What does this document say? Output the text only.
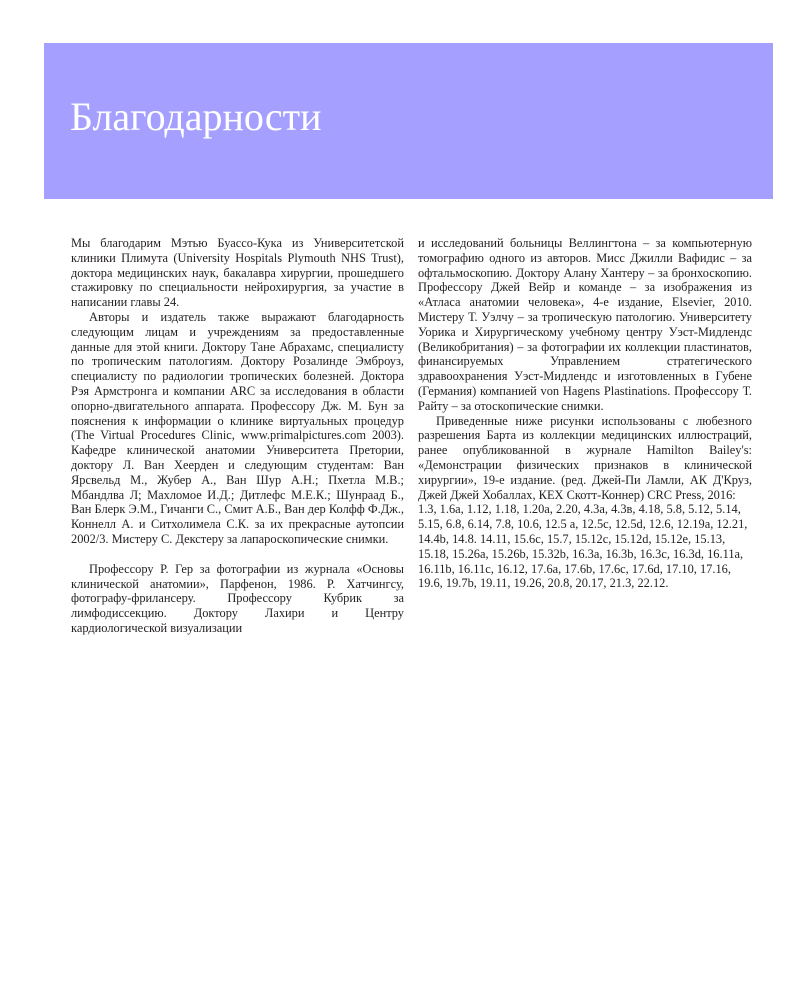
Благодарности

Мы благодарим Мэтью Буассо-Кука из Университетской клиники Плимута (University Hospitals Plymouth NHS Trust), доктора медицинских наук, бакалавра хирургии, прошедшего стажировку по специальности нейрохирургия, за участие в написании главы 24.

Авторы и издатель также выражают благодарность следующим лицам и учреждениям за предоставленные данные для этой книги. Доктору Тане Абрахамс, специалисту по тропическим патологиям. Доктору Розалинде Эмброуз, специалисту по радиологии тропических болезней. Доктора Рэя Армстронга и компании ARC за исследования в области опорно-двигательного аппарата. Профессору Дж. М. Бун за пояснения к информации о клинике виртуальных процедур (The Virtual Procedures Clinic, www.primalpictures.com 2003). Кафедре клинической анатомии Университета Претории, доктору Л. Ван Хеерден и следующим студентам: Ван Ярсвельд М., Жубер А., Ван Шур А.Н.; Пхетла М.В.; Мбандлва Л; Махломое И.Д.; Дитлефс М.Е.К.; Шунраад Б., Ван Блерк Э.М., Гичанги С., Смит А.Б., Ван дер Колфф Ф.Дж., Коннелл А. и Ситхолимела С.К. за их прекрасные аутопсии 2002/3. Мистеру С. Декстеру за лапароскопические снимки.

Профессору Р. Гер за фотографии из журнала «Основы клинической анатомии», Парфенон, 1986. Р. Хатчингсу, фотографу-фрилансеру. Профессору Кубрик за лимфодиссекцию. Доктору Лахири и Центру кардиологической визуализации

и исследований больницы Веллингтона – за компьютерную томографию одного из авторов. Мисс Джилли Вафидис – за офтальмоскопию. Доктору Алану Хантеру – за бронхоскопию. Профессору Джей Вейр и команде – за изображения из «Атласа анатомии человека», 4-е издание, Elsevier, 2010. Мистеру Т. Уэлчу – за тропическую патологию. Университету Уорика и Хирургическому учебному центру Уэст-Мидлендс (Великобритания) – за фотографии их коллекции пластинатов, финансируемых Управлением стратегического здравоохранения Уэст-Мидлендс и изготовленных в Губене (Германия) компанией von Hagens Plastinations. Профессору Т. Райту – за отоскопические снимки.

Приведенные ниже рисунки использованы с любезного разрешения Барта из коллекции медицинских иллюстраций, ранее опубликованной в журнале Hamilton Bailey's: «Демонстрации физических признаков в клинической хирургии», 19-е издание. (ред. Джей-Пи Ламли, АК Д'Круз, Джей Джей Хобаллах, КЕХ Скотт-Коннер) CRC Press, 2016:

1.3, 1.6a, 1.12, 1.18, 1.20a, 2.20, 4.3a, 4.3в, 4.18, 5.8, 5.12, 5.14, 5.15, 6.8, 6.14, 7.8, 10.6, 12.5 a, 12.5c, 12.5d, 12.6, 12.19a, 12.21, 14.4b, 14.8. 14.11, 15.6c, 15.7, 15.12c, 15.12d, 15.12e, 15.13, 15.18, 15.26a, 15.26b, 15.32b, 16.3a, 16.3b, 16.3c, 16.3d, 16.11a, 16.11b, 16.11c, 16.12, 17.6a, 17.6b, 17.6c, 17.6d, 17.10, 17.16, 19.6, 19.7b, 19.11, 19.26, 20.8, 20.17, 21.3, 22.12.
